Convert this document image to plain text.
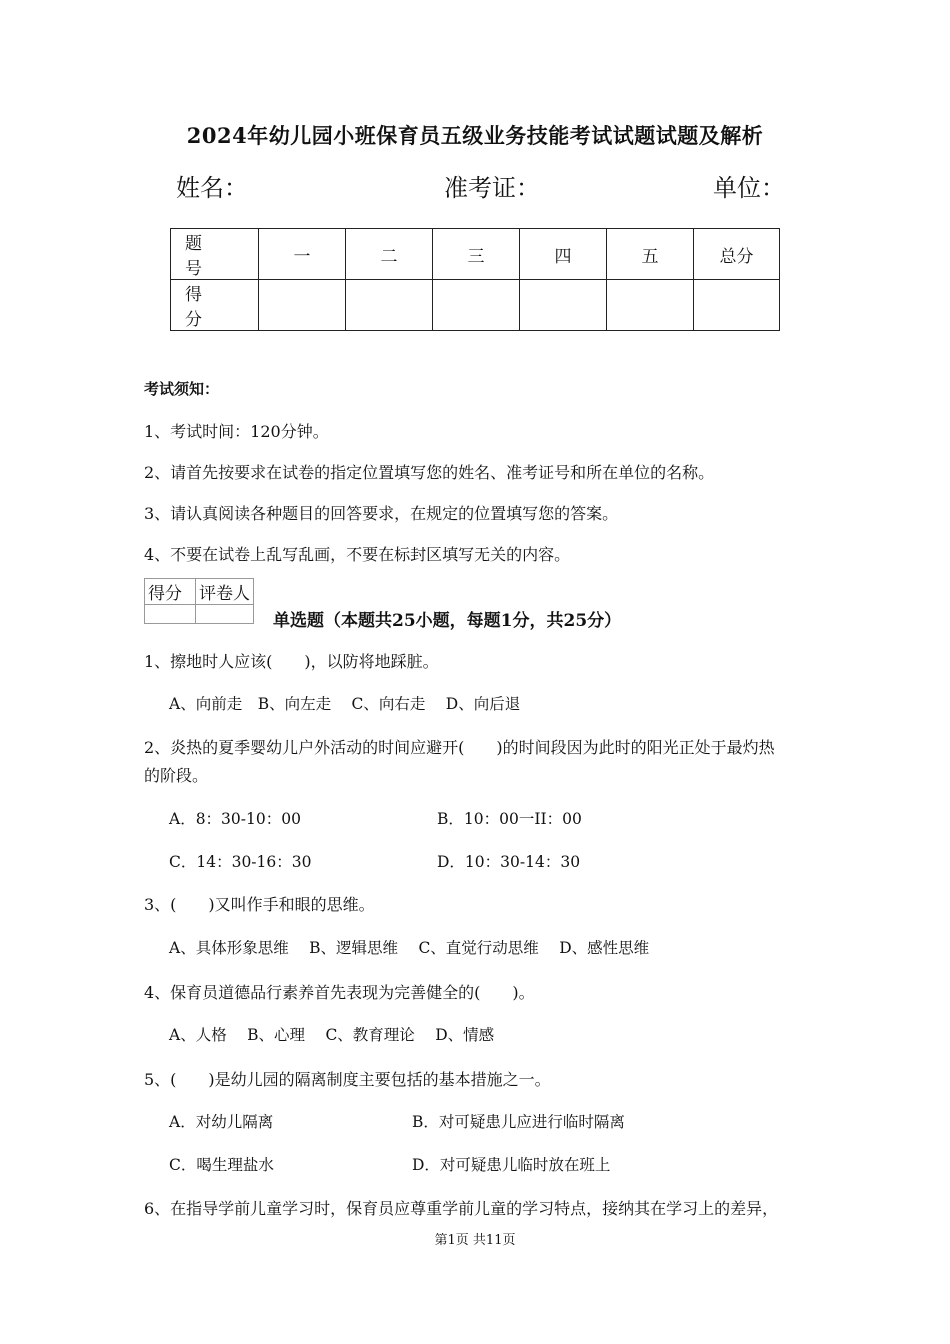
2024年幼儿园小班保育员五级业务技能考试试题试题及解析
姓名：	准考证：	单位：
题　号	一	二	三	四	五	总分
得　分						
考试须知：
1、考试时间：120分钟。
2、请首先按要求在试卷的指定位置填写您的姓名、准考证号和所在单位的名称。
3、请认真阅读各种题目的回答要求，在规定的位置填写您的答案。
4、不要在试卷上乱写乱画，不要在标封区填写无关的内容。
得分	评卷人

单选题（本题共25小题，每题1分，共25分）
1、擦地时人应该(　　)，以防将地踩脏。
A、向前走　B、向左走　 C、向右走　 D、向后退
2、炎热的夏季婴幼儿户外活动的时间应避开(　　)的时间段因为此时的阳光正处于最灼热
的阶段。
A．8：30-10：00	B．10：00一II：00
C．14：30-16：30	D．10：30-14：30
3、(　　)又叫作手和眼的思维。
A、具体形象思维　 B、逻辑思维　 C、直觉行动思维　 D、感性思维
4、保育员道德品行素养首先表现为完善健全的(　　)。
A、人格　 B、心理　 C、教育理论　 D、情感
5、(　　)是幼儿园的隔离制度主要包括的基本措施之一。
A．对幼儿隔离	B．对可疑患儿应进行临时隔离
C．喝生理盐水	D．对可疑患儿临时放在班上
6、在指导学前儿童学习时，保育员应尊重学前儿童的学习特点，接纳其在学习上的差异，
第1页 共11页
